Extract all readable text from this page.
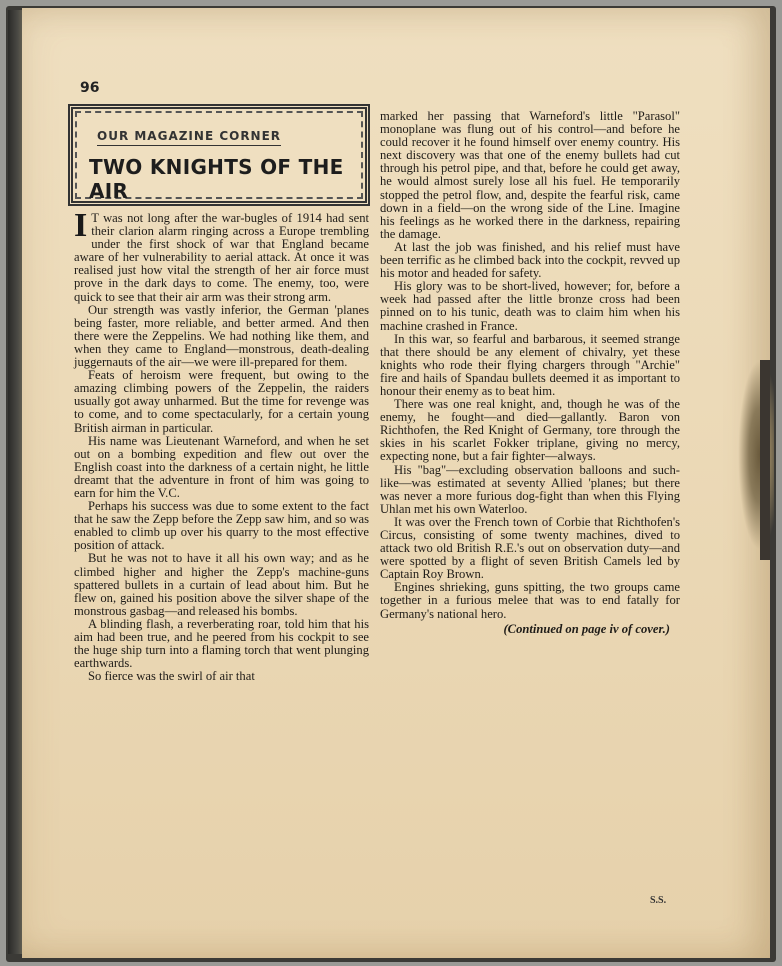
96
OUR MAGAZINE CORNER
TWO KNIGHTS OF THE AIR
I T was not long after the war-bugles of 1914 had sent their clarion alarm ringing across a Europe trembling under the first shock of war that England became aware of her vulnerability to aerial attack. At once it was realised just how vital the strength of her air force must prove in the dark days to come. The enemy, too, were quick to see that their air arm was their strong arm.

Our strength was vastly inferior, the German 'planes being faster, more reliable, and better armed. And then there were the Zeppelins. We had nothing like them, and when they came to England—monstrous, death-dealing juggernauts of the air—we were ill-prepared for them.

Feats of heroism were frequent, but owing to the amazing climbing powers of the Zeppelin, the raiders usually got away unharmed. But the time for revenge was to come, and to come spectacularly, for a certain young British airman in particular.

His name was Lieutenant Warneford, and when he set out on a bombing expedition and flew out over the English coast into the darkness of a certain night, he little dreamt that the adventure in front of him was going to earn for him the V.C.

Perhaps his success was due to some extent to the fact that he saw the Zepp before the Zepp saw him, and so was enabled to climb up over his quarry to the most effective position of attack.

But he was not to have it all his own way; and as he climbed higher and higher the Zepp's machine-guns spattered bullets in a curtain of lead about him. But he flew on, gained his position above the silver shape of the monstrous gasbag—and released his bombs.

A blinding flash, a reverberating roar, told him that his aim had been true, and he peered from his cockpit to see the huge ship turn into a flaming torch that went plunging earthwards.

So fierce was the swirl of air that

marked her passing that Warneford's little "Parasol" monoplane was flung out of his control—and before he could recover it he found himself over enemy country. His next discovery was that one of the enemy bullets had cut through his petrol pipe, and that, before he could get away, he would almost surely lose all his fuel. He temporarily stopped the petrol flow, and, despite the fearful risk, came down in a field—on the wrong side of the Line. Imagine his feelings as he worked there in the darkness, repairing the damage.

At last the job was finished, and his relief must have been terrific as he climbed back into the cockpit, revved up his motor and headed for safety.

His glory was to be short-lived, however; for, before a week had passed after the little bronze cross had been pinned on to his tunic, death was to claim him when his machine crashed in France.

In this war, so fearful and barbarous, it seemed strange that there should be any element of chivalry, yet these knights who rode their flying chargers through "Archie" fire and hails of Spandau bullets deemed it as important to honour their enemy as to beat him.

There was one real knight, and, though he was of the enemy, he fought—and died—gallantly. Baron von Richthofen, the Red Knight of Germany, tore through the skies in his scarlet Fokker triplane, giving no mercy, expecting none, but a fair fighter—always.

His "bag"—excluding observation balloons and such-like—was estimated at seventy Allied 'planes; but there was never a more furious dog-fight than when this Flying Uhlan met his own Waterloo.

It was over the French town of Corbie that Richthofen's Circus, consisting of some twenty machines, dived to attack two old British R.E.'s out on observation duty—and were spotted by a flight of seven British Camels led by Captain Roy Brown.

Engines shrieking, guns spitting, the two groups came together in a furious melee that was to end fatally for Germany's national hero.

(Continued on page iv of cover.)
S.S.
